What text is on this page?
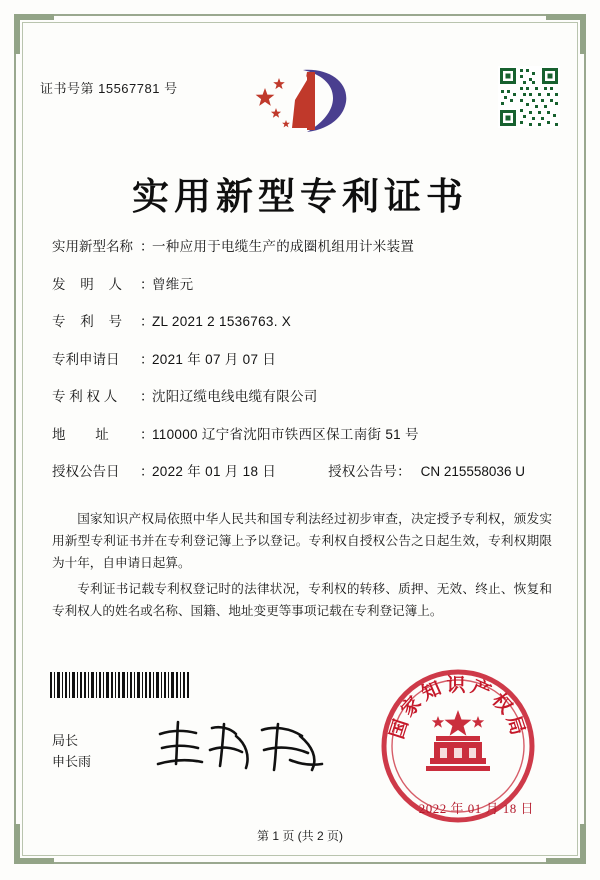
证书号第 15567781 号
实用新型专利证书
实用新型名称 ：
一种应用于电缆生产的成圈机组用计米装置
发 明 人 ：
曾维元
专 利 号 ：
ZL 2021 2 1536763. X
专利申请日	：
2021 年 07 月 07 日
专 利 权 人	：
沈阳辽缆电线电缆有限公司
地 址	：
110000 辽宁省沈阳市铁西区保工南街 51 号
授权公告日	：
2022 年 01 月 18 日	授权公告号 ： CN 215558036 U

国家知识产权局依照中华人民共和国专利法经过初步审查，决定授予专利权，颁发实用新型专利证书并在专利登记簿上予以登记。专利权自授权公告之日起生效，专利权期限为十年，自申请日起算。

专利证书记载专利权登记时的法律状况，专利权的转移、质押、无效、终止、恢复和专利权人的姓名或名称、国籍、地址变更等事项记载在专利登记簿上。

局长
申长雨
国家知识产权局
2022 年 01 月 18 日
第 1 页 (共 2 页)
